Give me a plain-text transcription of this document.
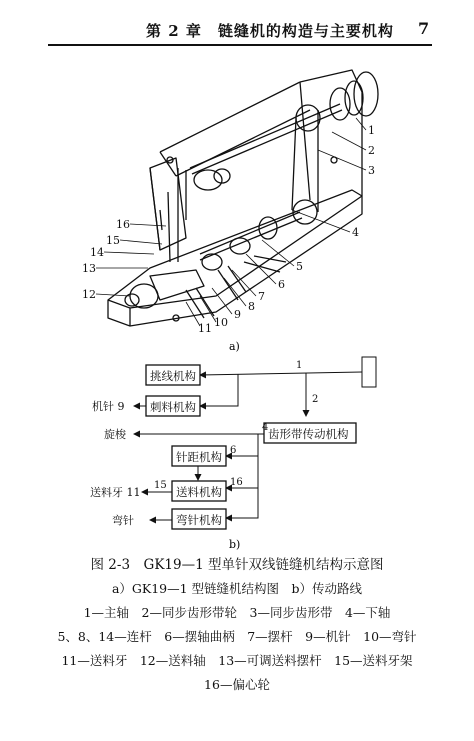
第 2 章　链缝机的构造与主要机构 7
1
2
3
4
5
6
7
8
9
10
11
12
13
14
15
16
a)
挑线机构
刺料机构
齿形带传动机构
针距机构
送料机构
弯针机构
机针 9
旋梭
送料牙 11
弯针
1
2
4
6
15	16
b)
图 2-3　GK19—1 型单针双线链缝机结构示意图
a）GK19—1 型链缝机结构图　b）传动路线
1—主轴　2—同步齿形带轮　3—同步齿形带　4—下轴
5、8、14—连杆　6—摆轴曲柄　7—摆杆　9—机针　10—弯针
11—送料牙　12—送料轴　13—可调送料摆杆　15—送料牙架
16—偏心轮
